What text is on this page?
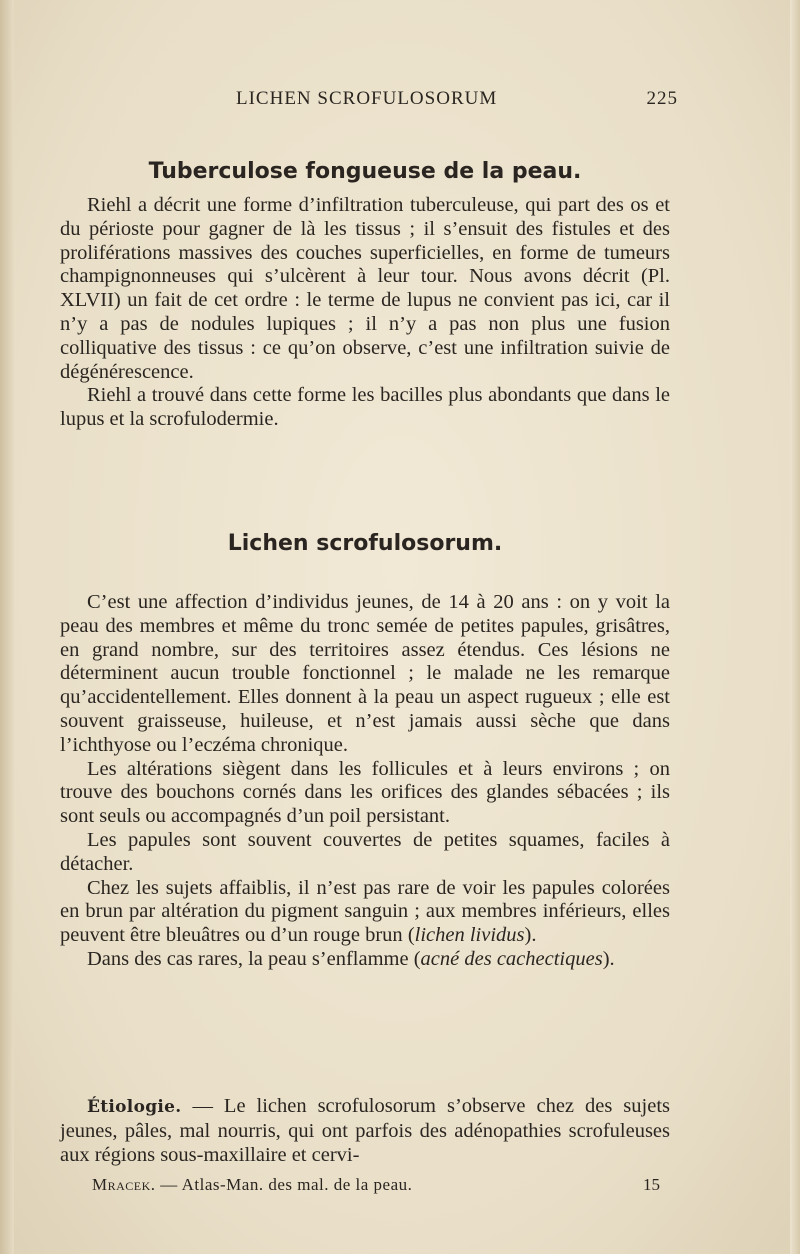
LICHEN SCROFULOSORUM	225
Tuberculose fongueuse de la peau.

Riehl a décrit une forme d’infiltration tuberculeuse, qui part des os et du périoste pour gagner de là les tissus ; il s’ensuit des fistules et des proliférations massives des couches superficielles, en forme de tumeurs champignonneuses qui s’ulcèrent à leur tour. Nous avons décrit (Pl. XLVII) un fait de cet ordre : le terme de lupus ne convient pas ici, car il n’y a pas de nodules lupiques ; il n’y a pas non plus une fusion colliquative des tissus : ce qu’on observe, c’est une infiltration suivie de dégénérescence.

Riehl a trouvé dans cette forme les bacilles plus abondants que dans le lupus et la scrofulodermie.

Lichen scrofulosorum.

C’est une affection d’individus jeunes, de 14 à 20 ans : on y voit la peau des membres et même du tronc semée de petites papules, grisâtres, en grand nombre, sur des territoires assez étendus. Ces lésions ne déterminent aucun trouble fonctionnel ; le malade ne les remarque qu’accidentellement. Elles donnent à la peau un aspect rugueux ; elle est souvent graisseuse, huileuse, et n’est jamais aussi sèche que dans l’ichthyose ou l’eczéma chronique.

Les altérations siègent dans les follicules et à leurs environs ; on trouve des bouchons cornés dans les orifices des glandes sébacées ; ils sont seuls ou accompagnés d’un poil persistant.

Les papules sont souvent couvertes de petites squames, faciles à détacher.

Chez les sujets affaiblis, il n’est pas rare de voir les papules colorées en brun par altération du pigment sanguin ; aux membres inférieurs, elles peuvent être bleuâtres ou d’un rouge brun (lichen lividus).

Dans des cas rares, la peau s’enflamme (acné des cachectiques).

Étiologie. — Le lichen scrofulosorum s’observe chez des sujets jeunes, pâles, mal nourris, qui ont parfois des adénopathies scrofuleuses aux régions sous-maxillaire et cervi-

Mracek. — Atlas-Man. des mal. de la peau.	15
